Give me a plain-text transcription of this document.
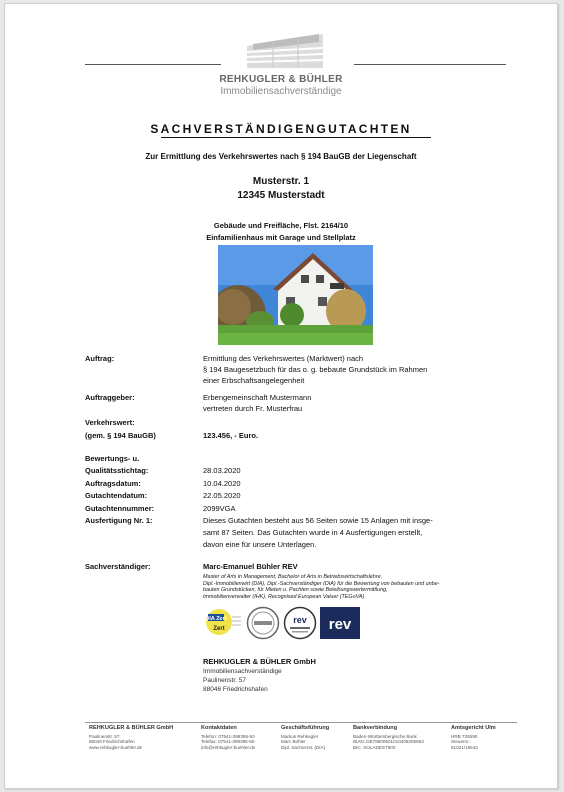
REHKUGLER & BÜHLER
Immobiliensachverständige
SACHVERSTÄNDIGENGUTACHTEN
Zur Ermittlung des Verkehrswertes nach § 194 BauGB der Liegenschaft
Musterstr. 1
12345 Musterstadt
Gebäude und Freifläche, Flst. 2164/10
Einfamilienhaus mit Garage und Stellplatz
Auftrag:	Ermittlung des Verkehrswertes (Marktwert) nach
§ 194 Baugesetzbuch für das o. g. bebaute Grundstück im Rahmen
einer Erbschaftsangelegenheit
Auftraggeber:	Erbengemeinschaft Mustermann
vertreten durch Fr. Musterfrau
Verkehrswert:
(gem. § 194 BauGB)	123.456, - Euro.
Bewertungs- u.
Qualitätsstichtag:	28.03.2020
Auftragsdatum:	10.04.2020
Gutachtendatum:	22.05.2020
Gutachtennummer:	2099VGA
Ausfertigung Nr. 1:	Dieses Gutachten besteht aus 56 Seiten sowie 15 Anlagen mit insge-
samt 87 Seiten. Das Gutachten wurde in 4 Ausfertigungen erstellt,
davon eine für unsere Unterlagen.
Sachverständiger:	Marc-Emanuel Bühler REV
Master of Arts in Management, Bachelor of Arts in Betriebswirtschaftslehre,
Dipl.-Immobilienwirt (DIA), Dipl.-Sachverständiger (DIA) für die Bewertung von bebauten und unbe-
bauten Grundstücken, für Mieten u. Pachten sowie Beleihungswertermittlung,
Immobilienverwalter (IHK), Recognised European Valuer (TEGoVA)
DIA Zert
Zert
rev rev
REHKUGLER & BÜHLER GmbH
Immobiliensachverständige
Paulinenstr. 57
88046 Friedrichshafen
REHKUGLER & BÜHLER GmbH
Paulinenstr. 57
88046 Friedrichshafen
www.rehkugler-buehler.de
Kontaktdaten
Telefon: 07541-399395-50
Telefax: 07541-399395-60
info@rehkugler-buehler.de
Geschäftsführung
Markus Rehkugler
Marc Bühler
Dipl. Sachverst. (DIA)
Bankverbindung
Baden-Württembergische Bank
IBAN: DE78600501010405305653
BIC: SOLADEST600
Amtsgericht Ulm
HRB 735590
Steuernr.:
61021/18543
